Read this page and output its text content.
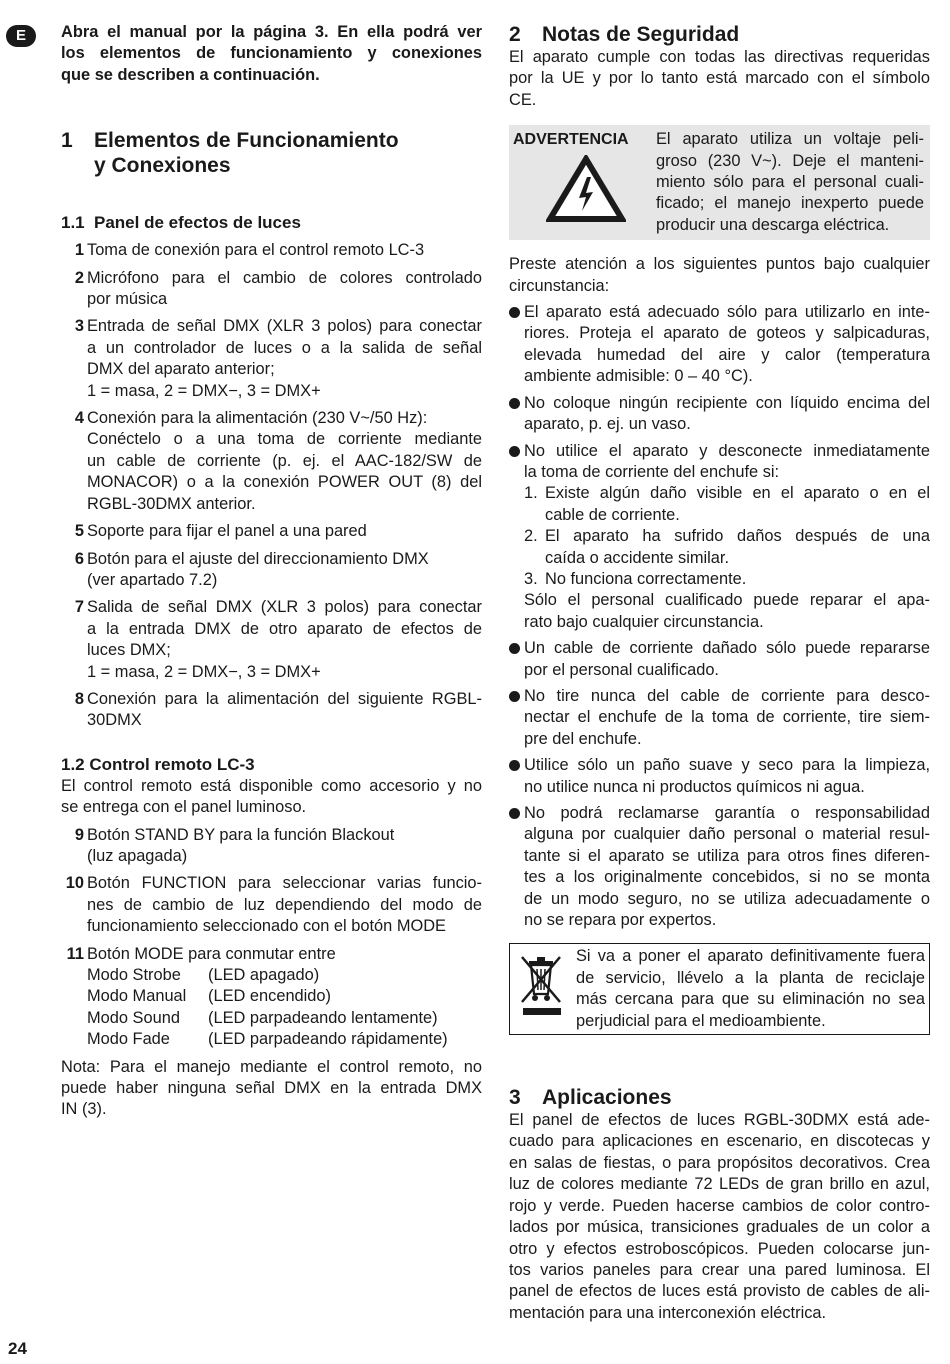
E
24
Abra el manual por la página 3. En ella podrá ver
los elementos de funcionamiento y conexiones
que se describen a continuación.
1	Elementos de Funcionamiento
y Conexiones
1.1 Panel de efectos de luces
1 Toma de conexión para el control remoto LC-3
2 Micrófono para el cambio de colores controlado
por música
3 Entrada de señal DMX (XLR 3 polos) para conectar
a un controlador de luces o a la salida de señal
DMX del aparato anterior;
1 = masa, 2 = DMX−, 3 = DMX+
4 Conexión para la alimentación (230 V~/50 Hz):
Conéctelo o a una toma de corriente mediante
un cable de corriente (p. ej. el AAC-182/SW de
MONACOR) o a la conexión POWER OUT (8) del
RGBL-30DMX anterior.
5 Soporte para fijar el panel a una pared
6 Botón para el ajuste del direccionamiento DMX
(ver apartado 7.2)
7 Salida de señal DMX (XLR 3 polos) para conectar
a la entrada DMX de otro aparato de efectos de
luces DMX;
1 = masa, 2 = DMX−, 3 = DMX+
8 Conexión para la alimentación del siguiente RGBL-
30DMX
1.2 Control remoto LC-3

El control remoto está disponible como accesorio y no
se entrega con el panel luminoso.

9 Botón STAND BY para la función Blackout
(luz apagada)
10 Botón FUNCTION para seleccionar varias funcio-
nes de cambio de luz dependiendo del modo de
funcionamiento seleccionado con el botón MODE
11 Botón MODE para conmutar entre
Modo Strobe	(LED apagado)
Modo Manual	(LED encendido)
Modo Sound	(LED parpadeando lentamente)
Modo Fade	(LED parpadeando rápidamente)

Nota: Para el manejo mediante el control remoto, no
puede haber ninguna señal DMX en la entrada DMX
IN (3).

2	Notas de Seguridad

El aparato cumple con todas las directivas requeridas
por la UE y por lo tanto está marcado con el símbolo
CE.

ADVERTENCIA	El aparato utiliza un voltaje peli-
groso (230 V~). Deje el manteni-
miento sólo para el personal cuali-
ficado; el manejo inexperto puede
producir una descarga eléctrica.

Preste atención a los siguientes puntos bajo cualquier
circunstancia:

El aparato está adecuado sólo para utilizarlo en inte-
riores. Proteja el aparato de goteos y salpicaduras,
elevada humedad del aire y calor (temperatura
ambiente admisible: 0 – 40 °C).
No coloque ningún recipiente con líquido encima del
aparato, p. ej. un vaso.
No utilice el aparato y desconecte inmediatamente
la toma de corriente del enchufe si:
1. Existe algún daño visible en el aparato o en el
cable de corriente.
2. El aparato ha sufrido daños después de una
caída o accidente similar.
3. No funciona correctamente.
Sólo el personal cualificado puede reparar el apa-
rato bajo cualquier circunstancia.
Un cable de corriente dañado sólo puede repararse
por el personal cualificado.
No tire nunca del cable de corriente para desco-
nectar el enchufe de la toma de corriente, tire siem-
pre del enchufe.
Utilice sólo un paño suave y seco para la limpieza,
no utilice nunca ni productos químicos ni agua.
No podrá reclamarse garantía o responsabilidad
alguna por cualquier daño personal o material resul-
tante si el aparato se utiliza para otros fines diferen-
tes a los originalmente concebidos, si no se monta
de un modo seguro, no se utiliza adecuadamente o
no se repara por expertos.
Si va a poner el aparato definitivamente fuera
de servicio, llévelo a la planta de reciclaje
más cercana para que su eliminación no sea
perjudicial para el medioambiente.
3	Aplicaciones

El panel de efectos de luces RGBL-30DMX está ade-
cuado para aplicaciones en escenario, en discotecas y
en salas de fiestas, o para propósitos decorativos. Crea
luz de colores mediante 72 LEDs de gran brillo en azul,
rojo y verde. Pueden hacerse cambios de color contro-
lados por música, transiciones graduales de un color a
otro y efectos estroboscópicos. Pueden colocarse jun-
tos varios paneles para crear una pared luminosa. El
panel de efectos de luces está provisto de cables de ali-
mentación para una interconexión eléctrica.
